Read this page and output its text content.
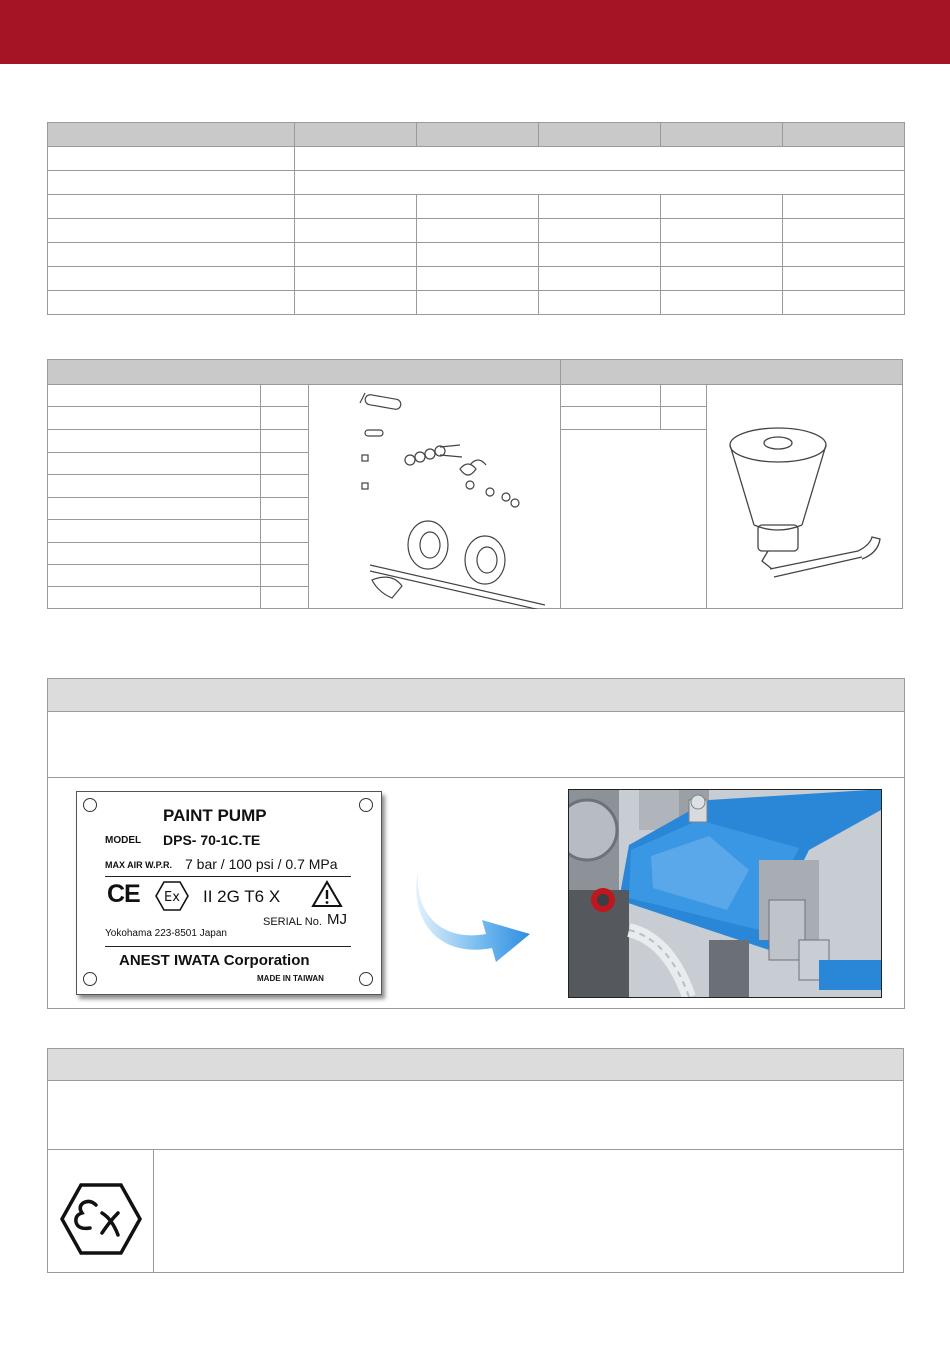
PAINT PUMP
MODEL DPS- 70-1C.TE
MAX AIR W.P.R. 7 bar / 100 psi / 0.7 MPa
CE Ex II 2G T6 X
SERIAL No. MJ
Yokohama 223-8501 Japan
ANEST IWATA Corporation
MADE IN TAIWAN
